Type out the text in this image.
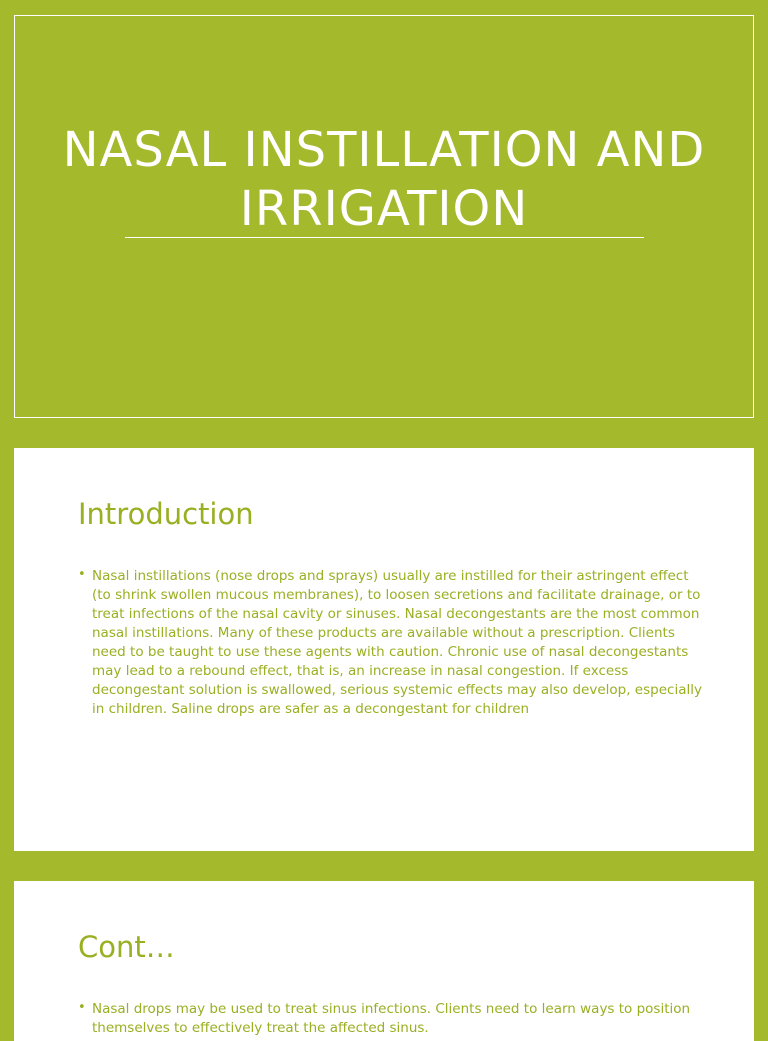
NASAL INSTILLATION AND IRRIGATION
Introduction

• Nasal instillations (nose drops and sprays) usually are instilled for their astringent effect (to shrink swollen mucous membranes), to loosen secretions and facilitate drainage, or to treat infections of the nasal cavity or sinuses. Nasal decongestants are the most common nasal instillations. Many of these products are available without a prescription. Clients need to be taught to use these agents with caution. Chronic use of nasal decongestants may lead to a rebound effect, that is, an increase in nasal congestion. If excess decongestant solution is swallowed, serious systemic effects may also develop, especially in children. Saline drops are safer as a decongestant for children

Cont…

• Nasal drops may be used to treat sinus infections. Clients need to learn ways to position themselves to effectively treat the affected sinus.
